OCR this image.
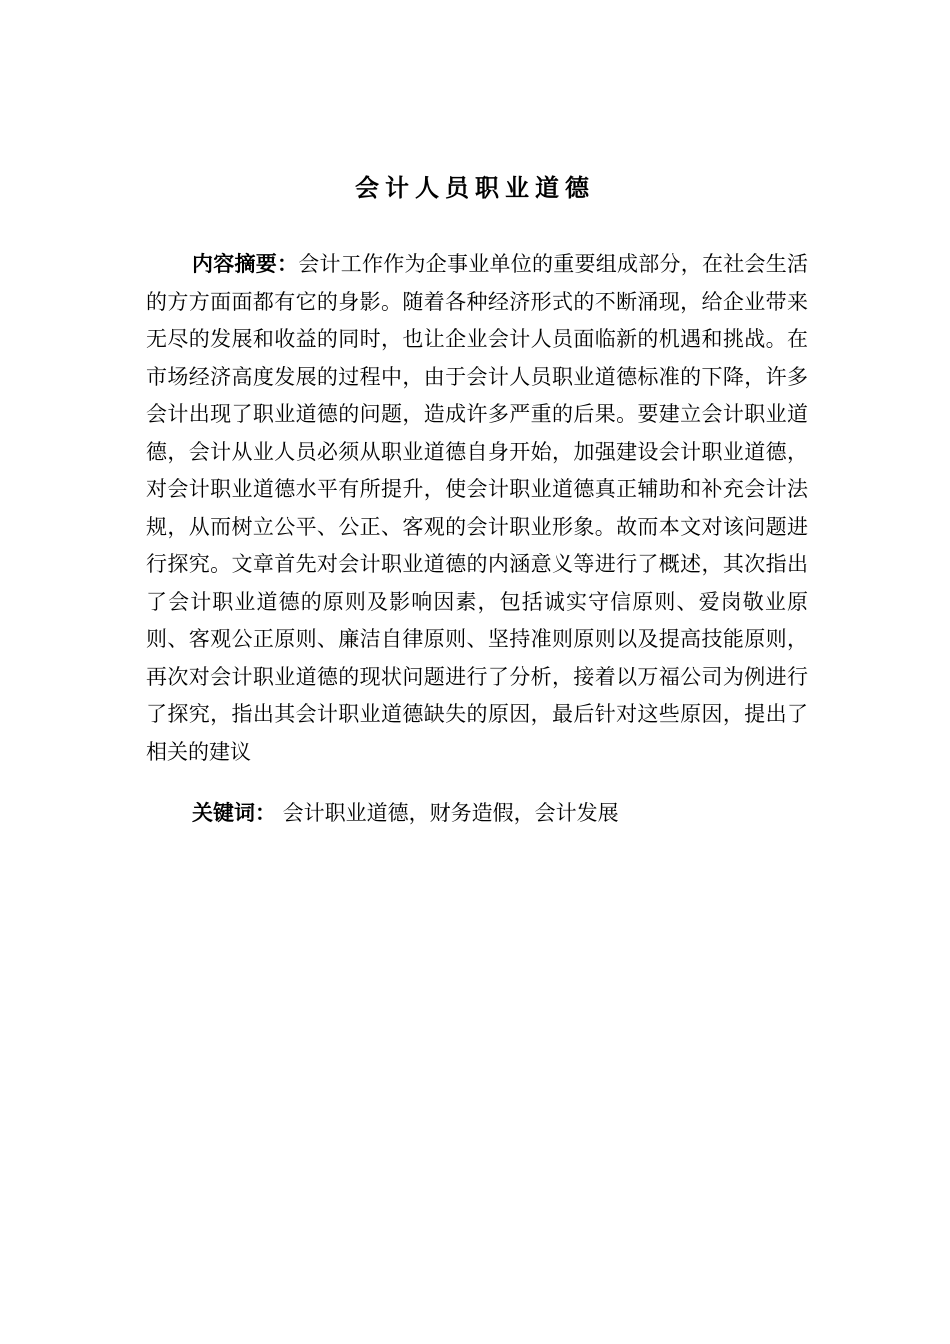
会计人员职业道德

内容摘要：会计工作作为企事业单位的重要组成部分，在社会生活的方方面面都有它的身影。随着各种经济形式的不断涌现，给企业带来无尽的发展和收益的同时，也让企业会计人员面临新的机遇和挑战。在市场经济高度发展的过程中，由于会计人员职业道德标准的下降，许多会计出现了职业道德的问题，造成许多严重的后果。要建立会计职业道德，会计从业人员必须从职业道德自身开始，加强建设会计职业道德，对会计职业道德水平有所提升，使会计职业道德真正辅助和补充会计法规，从而树立公平、公正、客观的会计职业形象。故而本文对该问题进行探究。文章首先对会计职业道德的内涵意义等进行了概述，其次指出了会计职业道德的原则及影响因素，包括诚实守信原则、爱岗敬业原则、客观公正原则、廉洁自律原则、坚持准则原则以及提高技能原则，再次对会计职业道德的现状问题进行了分析，接着以万福公司为例进行了探究，指出其会计职业道德缺失的原因，最后针对这些原因，提出了相关的建议

关键词： 会计职业道德，财务造假，会计发展
